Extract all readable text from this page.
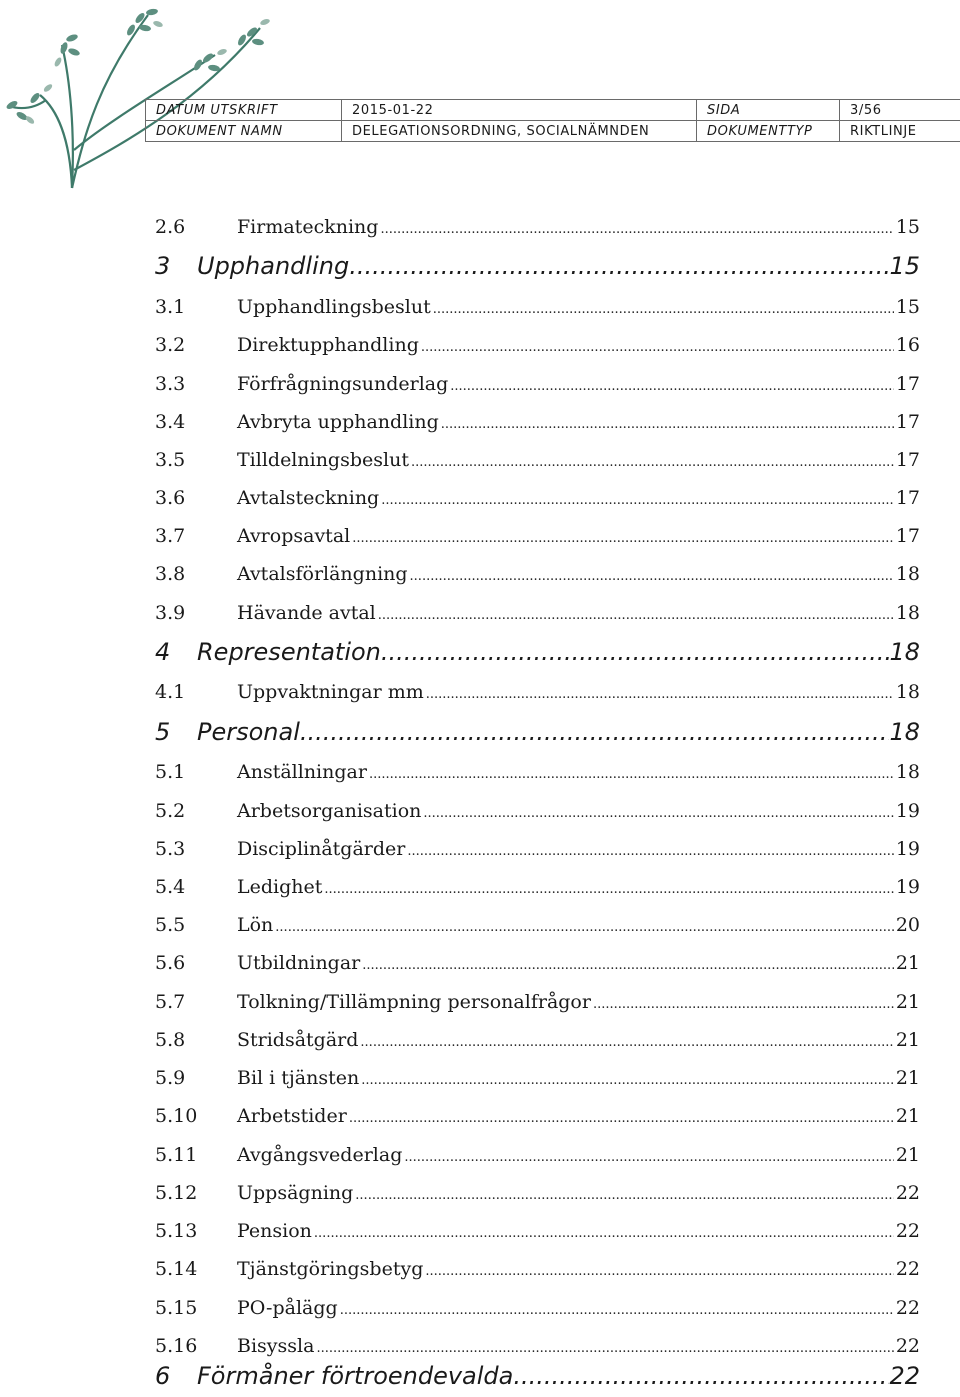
DATUM UTSKRIFT	2015-01-22	SIDA	3/56
DOKUMENT NAMN	DELEGATIONSORDNING, SOCIALNÄMNDEN	DOKUMENTTYP	RIKTLINJE
2.6	Firmateckning .....	15
3	Upphandling .....	15
3.1	Upphandlingsbeslut .....	15
3.2	Direktupphandling .....	16
3.3	Förfrågningsunderlag .....	17
3.4	Avbryta upphandling .....	17
3.5	Tilldelningsbeslut .....	17
3.6	Avtalsteckning .....	17
3.7	Avropsavtal .....	17
3.8	Avtalsförlängning .....	18
3.9	Hävande avtal .....	18
4	Representation .....	18
4.1	Uppvaktningar mm .....	18
5	Personal .....	18
5.1	Anställningar .....	18
5.2	Arbetsorganisation .....	19
5.3	Disciplinåtgärder .....	19
5.4	Ledighet .....	19
5.5	Lön .....	20
5.6	Utbildningar .....	21
5.7	Tolkning/Tillämpning personalfrågor .....	21
5.8	Stridsåtgärd .....	21
5.9	Bil i tjänsten .....	21
5.10	Arbetstider .....	21
5.11	Avgångsvederlag .....	21
5.12	Uppsägning .....	22
5.13	Pension .....	22
5.14	Tjänstgöringsbetyg .....	22
5.15	PO-pålägg .....	22
5.16	Bisyssla .....	22
6	Förmåner förtroendevalda .....	22
